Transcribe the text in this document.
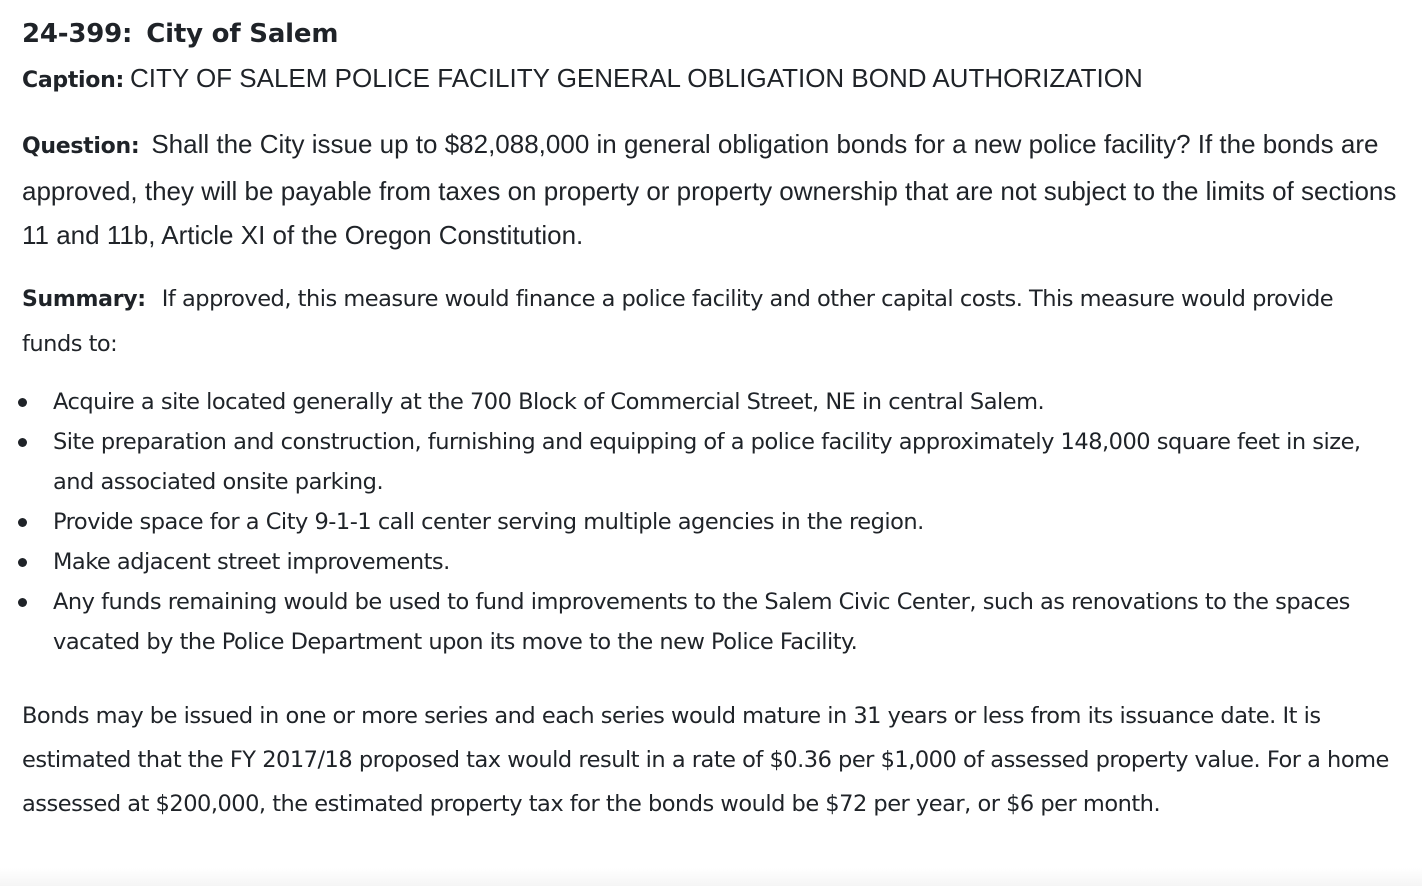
24-399: City of Salem
Caption: CITY OF SALEM POLICE FACILITY GENERAL OBLIGATION BOND AUTHORIZATION
Question: Shall the City issue up to $82,088,000 in general obligation bonds for a new police facility? If the bonds are approved, they will be payable from taxes on property or property ownership that are not subject to the limits of sections 11 and 11b, Article XI of the Oregon Constitution.
Summary: If approved, this measure would finance a police facility and other capital costs. This measure would provide funds to:
Acquire a site located generally at the 700 Block of Commercial Street, NE in central Salem.
Site preparation and construction, furnishing and equipping of a police facility approximately 148,000 square feet in size, and associated onsite parking.
Provide space for a City 9-1-1 call center serving multiple agencies in the region.
Make adjacent street improvements.
Any funds remaining would be used to fund improvements to the Salem Civic Center, such as renovations to the spaces vacated by the Police Department upon its move to the new Police Facility.

Bonds may be issued in one or more series and each series would mature in 31 years or less from its issuance date. It is estimated that the FY 2017/18 proposed tax would result in a rate of $0.36 per $1,000 of assessed property value. For a home assessed at $200,000, the estimated property tax for the bonds would be $72 per year, or $6 per month.
